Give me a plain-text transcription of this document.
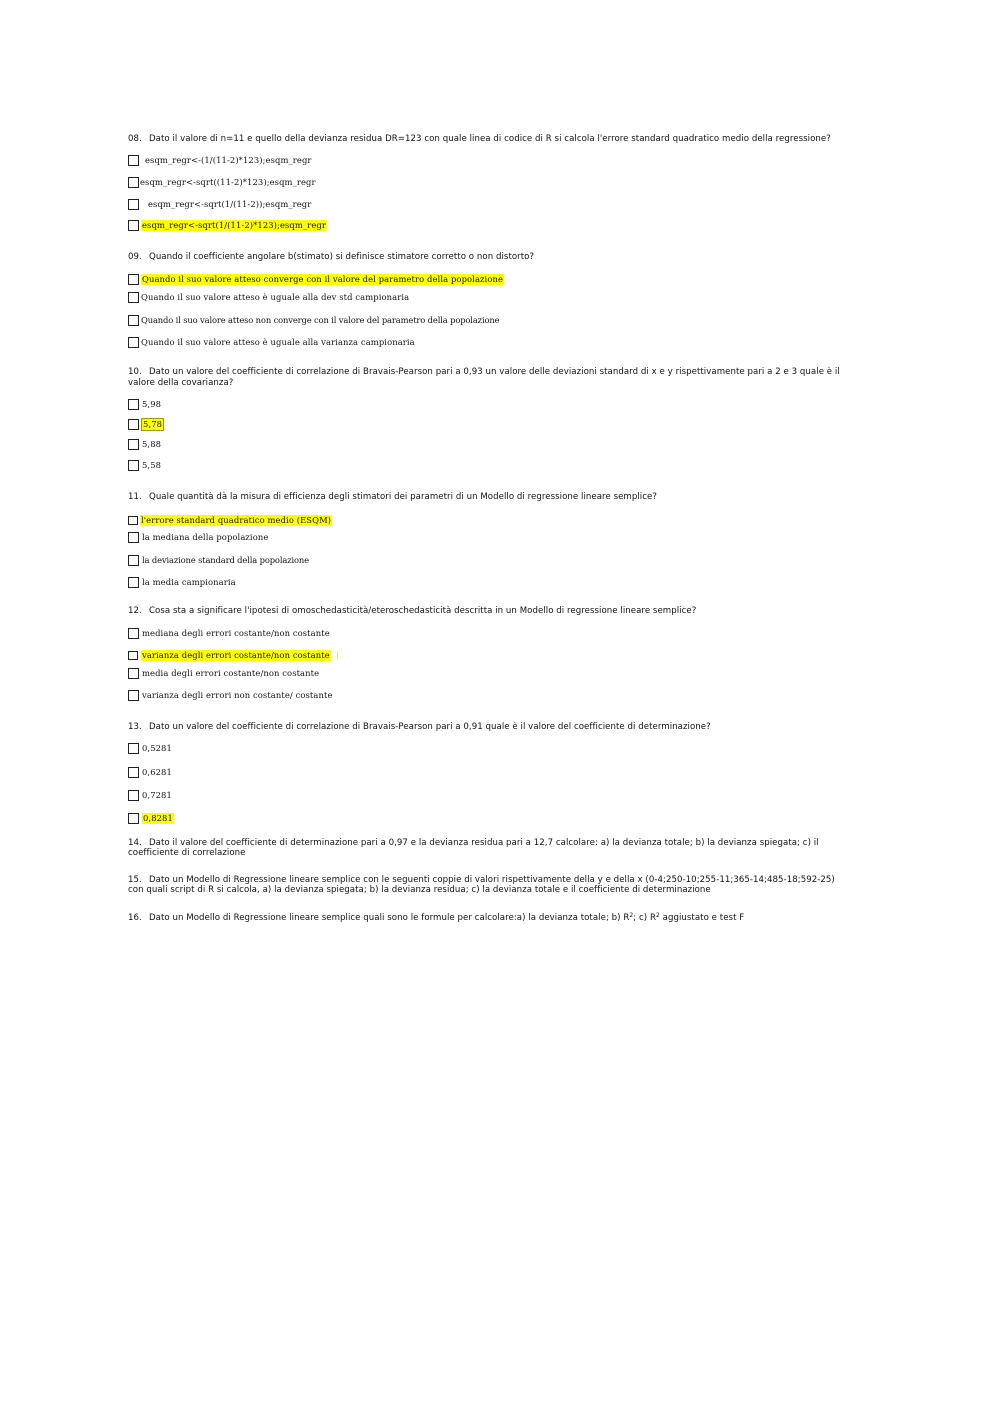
08. Dato il valore di n=11 e quello della devianza residua DR=123 con quale linea di codice di R si calcola l'errore standard quadratico medio della regressione?
esqm_regr<-(1/(11-2)*123);esqm_regr
esqm_regr<-sqrt((11-2)*123);esqm_regr
esqm_regr<-sqrt(1/(11-2));esqm_regr
esqm_regr<-sqrt(1/(11-2)*123);esqm_regr
09. Quando il coefficiente angolare b(stimato) si definisce stimatore corretto o non distorto?
Quando il suo valore atteso converge con il valore del parametro della popolazione
Quando il suo valore atteso è uguale alla dev std campionaria
Quando il suo valore atteso non converge con il valore del parametro della popolazione
Quando il suo valore atteso è uguale alla varianza campionaria
10. Dato un valore del coefficiente di correlazione di Bravais-Pearson pari a 0,93 un valore delle deviazioni standard di x e y rispettivamente pari a 2 e 3 quale è il
valore della covarianza?
5,98
5,78
5,88
5,58
11. Quale quantità dà la misura di efficienza degli stimatori dei parametri di un Modello di regressione lineare semplice?
l'errore standard quadratico medio (ESQM)
la mediana della popolazione
la deviazione standard della popolazione
la media campionaria
12. Cosa sta a significare l'ipotesi di omoschedasticità/eteroschedasticità descritta in un Modello di regressione lineare semplice?
mediana degli errori costante/non costante
varianza degli errori costante/non costante
media degli errori costante/non costante
varianza degli errori non costante/ costante
13. Dato un valore del coefficiente di correlazione di Bravais-Pearson pari a 0,91 quale è il valore del coefficiente di determinazione?
0,5281
0,6281
0,7281
0,8281
14. Dato il valore del coefficiente di determinazione pari a 0,97 e la devianza residua pari a 12,7 calcolare: a) la devianza totale; b) la devianza spiegata; c) il
coefficiente di correlazione
15. Dato un Modello di Regressione lineare semplice con le seguenti coppie di valori rispettivamente della y e della x (0-4;250-10;255-11;365-14;485-18;592-25)
con quali script di R si calcola, a) la devianza spiegata; b) la devianza residua; c) la devianza totale e il coefficiente di determinazione
16. Dato un Modello di Regressione lineare semplice quali sono le formule per calcolare:a) la devianza totale; b) $R^2$; c) $R^2$ aggiustato e test F
